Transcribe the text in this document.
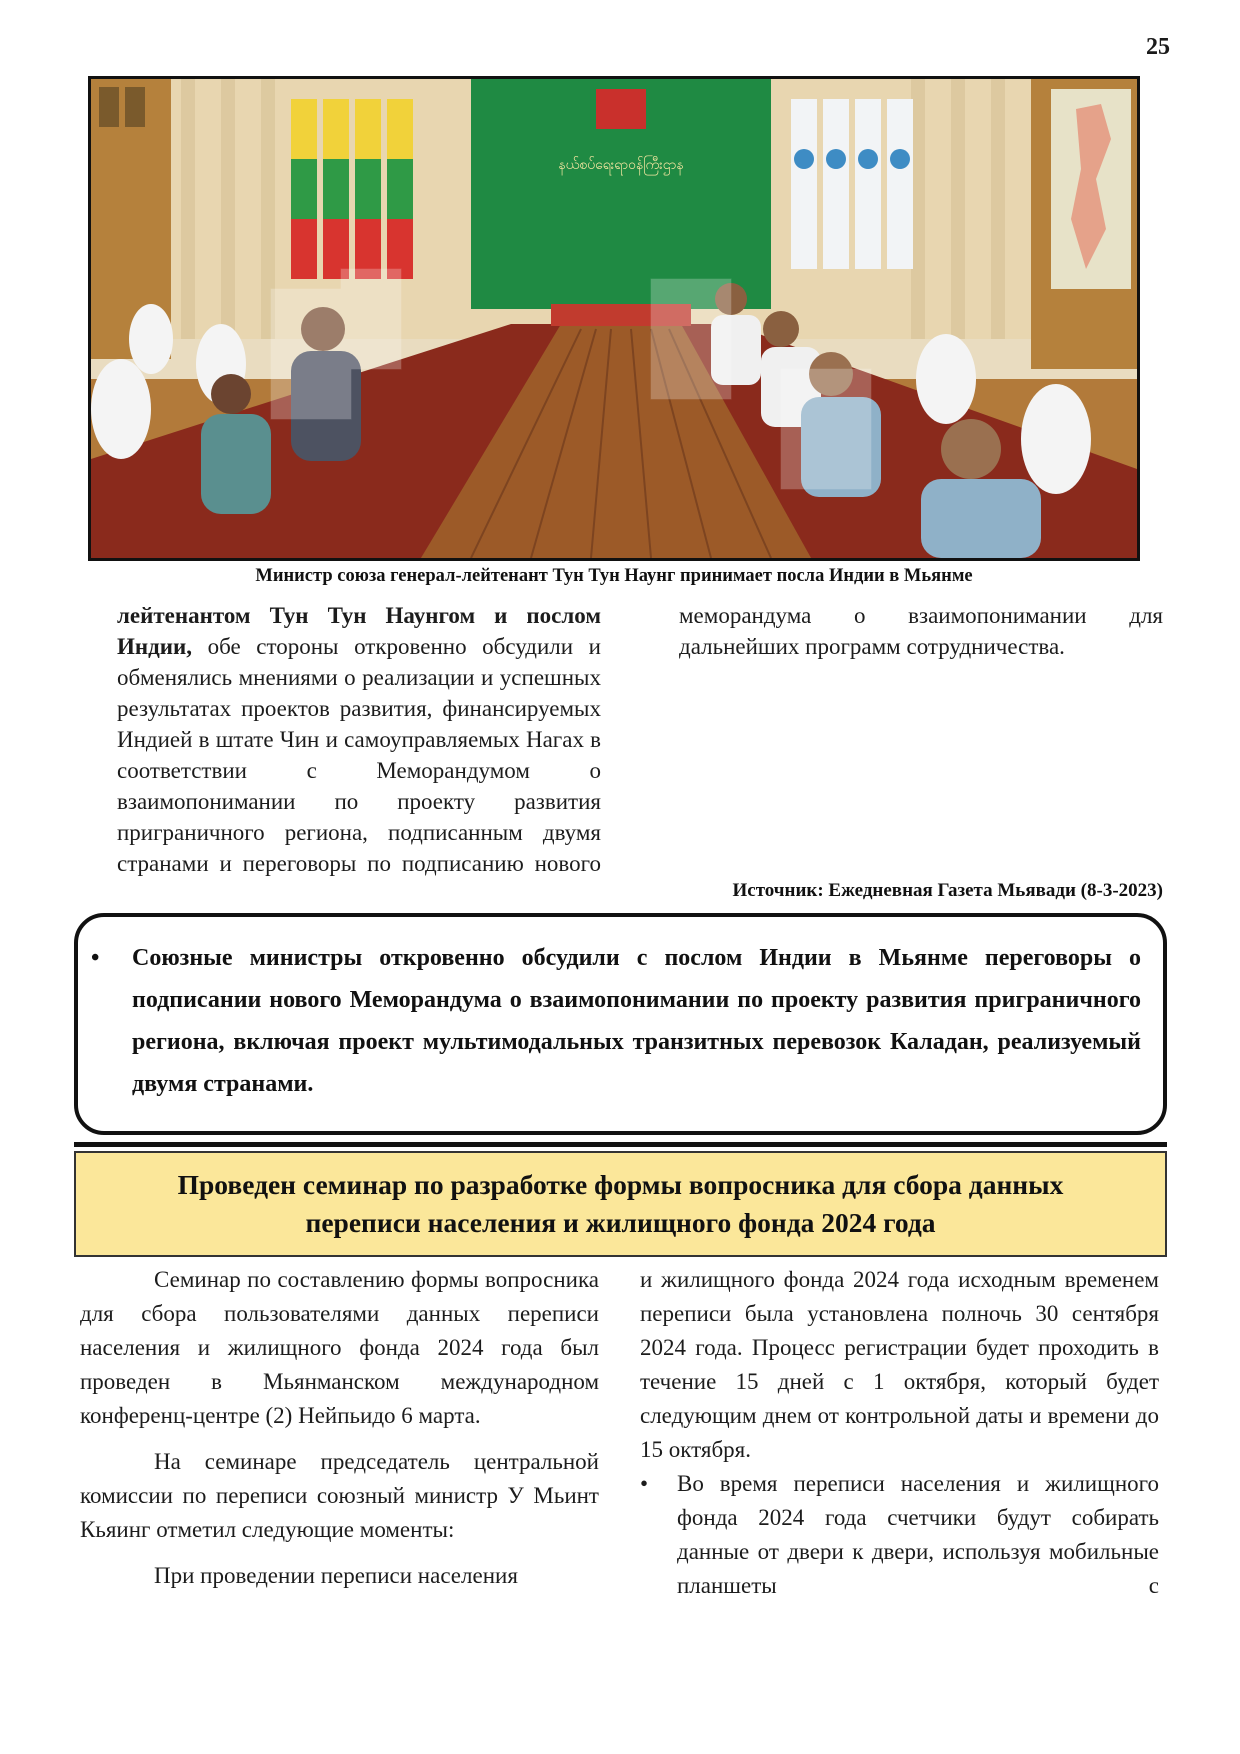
25
နယ်စပ်ရေးရာဝန်ကြီးဌာန
Министр союза генерал-лейтенант Тун Тун Наунг принимает посла Индии в Мьянме

лейтенантом Тун Тун Наунгом и послом Индии, обе стороны откровенно обсудили и обменялись мнениями о реализации и успешных результатах проектов развития, финансируемых Индией в штате Чин и самоуправляемых Нагах в соответствии с Меморандумом о взаимопонимании по проекту развития приграничного региона, подписанным двумя странами и переговоры по подписанию нового

меморандума о взаимопонимании для дальнейших программ сотрудничества.

Источник: Ежедневная Газета Мьявади (8-3-2023)
• Союзные министры откровенно обсудили с послом Индии в Мьянме переговоры о подписании нового Меморандума о взаимопонимании по проекту развития приграничного региона, включая проект мультимодальных транзитных перевозок Каладан, реализуемый двумя странами.
Проведен семинар по разработке формы вопросника для сбора данных
переписи населения и жилищного фонда 2024 года

Семинар по составлению формы вопросника для сбора пользователями данных переписи населения и жилищного фонда 2024 года был проведен в Мьянманском международном конференц-центре (2) Нейпьидо 6 марта.

На семинаре председатель центральной комиссии по переписи союзный министр У Мьинт Кьяинг отметил следующие моменты:

При проведении переписи населения

и жилищного фонда 2024 года исходным временем переписи была установлена полночь 30 сентября 2024 года. Процесс регистрации будет проходить в течение 15 дней с 1 октября, который будет следующим днем от контрольной даты и времени до 15 октября.

• Во время переписи населения и жилищного фонда 2024 года счетчики будут собирать данные от двери к двери, используя мобильные планшеты с
